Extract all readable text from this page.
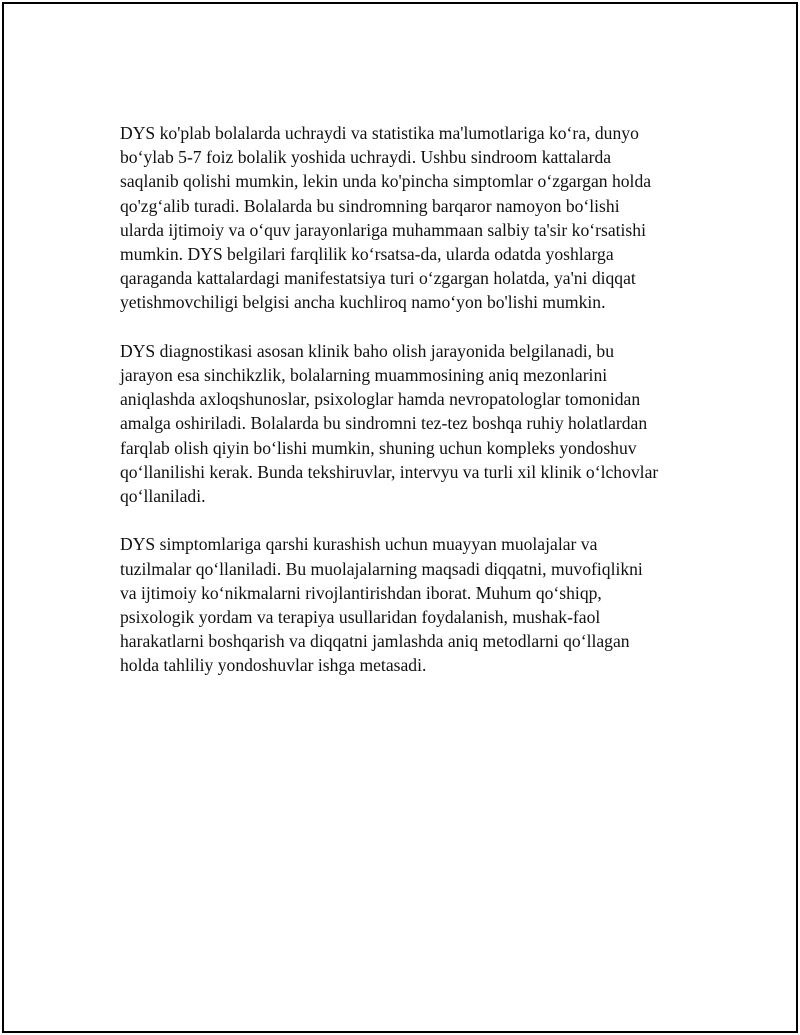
DYS ko'plab bolalarda uchraydi va statistika ma'lumotlariga ko‘ra, dunyo
bo‘ylab 5-7 foiz bolalik yoshida uchraydi. Ushbu sindroom kattalarda
saqlanib qolishi mumkin, lekin unda ko'pincha simptomlar o‘zgargan holda
qo'zg‘alib turadi. Bolalarda bu sindromning barqaror namoyon bo‘lishi
ularda ijtimoiy va o‘quv jarayonlariga muhammaan salbiy ta'sir ko‘rsatishi
mumkin. DYS belgilari farqlilik ko‘rsatsa-da, ularda odatda yoshlarga
qaraganda kattalardagi manifestatsiya turi o‘zgargan holatda, ya'ni diqqat
yetishmovchiligi belgisi ancha kuchliroq namo‘yon bo'lishi mumkin.

DYS diagnostikasi asosan klinik baho olish jarayonida belgilanadi, bu
jarayon esa sinchikzlik, bolalarning muammosining aniq mezonlarini
aniqlashda axloqshunoslar, psixologlar hamda nevropatologlar tomonidan
amalga oshiriladi. Bolalarda bu sindromni tez-tez boshqa ruhiy holatlardan
farqlab olish qiyin bo‘lishi mumkin, shuning uchun kompleks yondoshuv
qo‘llanilishi kerak. Bunda tekshiruvlar, intervyu va turli xil klinik o‘lchovlar
qo‘llaniladi.

DYS simptomlariga qarshi kurashish uchun muayyan muolajalar va
tuzilmalar qo‘llaniladi. Bu muolajalarning maqsadi diqqatni, muvofiqlikni
va ijtimoiy ko‘nikmalarni rivojlantirishdan iborat. Muhum qo‘shiqp,
psixologik yordam va terapiya usullaridan foydalanish, mushak-faol
harakatlarni boshqarish va diqqatni jamlashda aniq metodlarni qo‘llagan
holda tahliliy yondoshuvlar ishga metasadi.
